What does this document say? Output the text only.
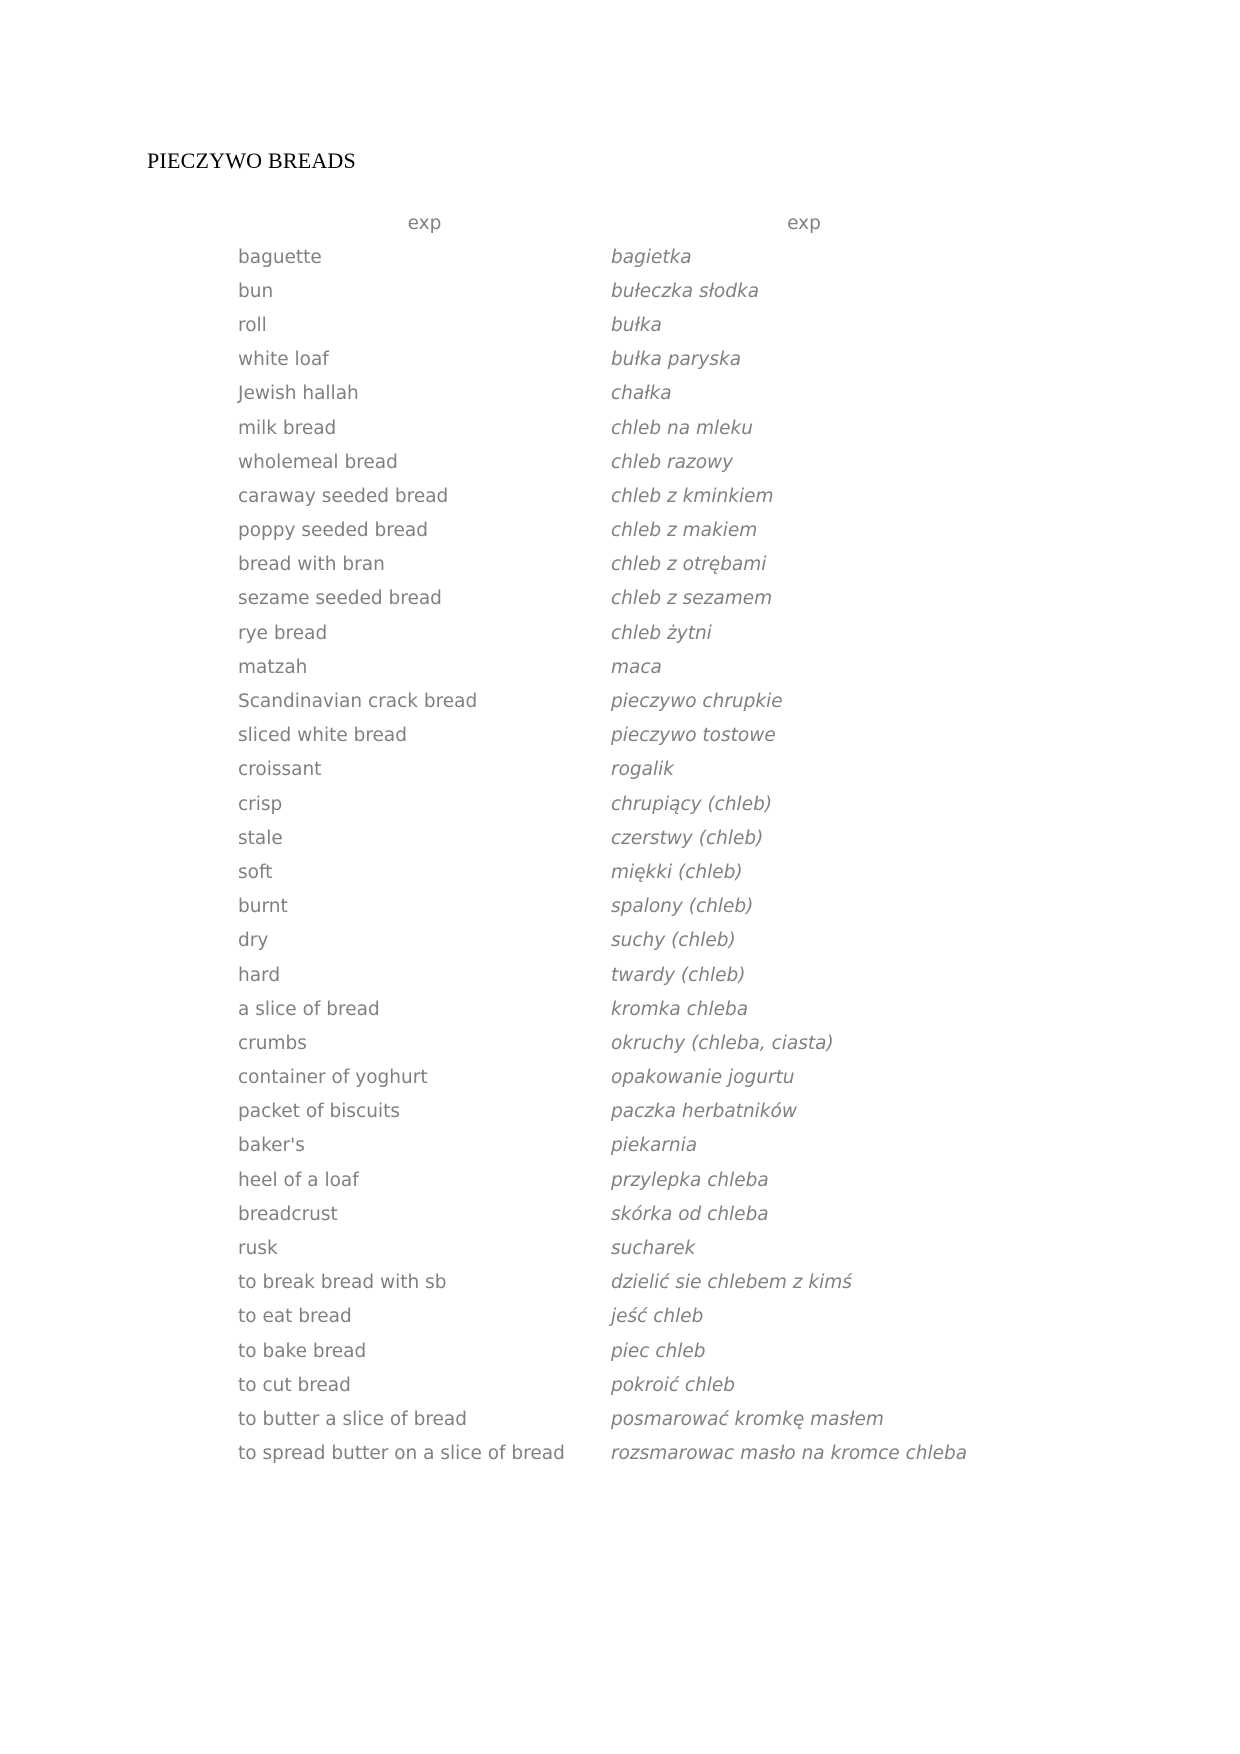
PIECZYWO BREADS
exp	exp
baguette	bagietka
bun	bułeczka słodka
roll	bułka
white loaf	bułka paryska
Jewish hallah	chałka
milk bread	chleb na mleku
wholemeal bread	chleb razowy
caraway seeded bread	chleb z kminkiem
poppy seeded bread	chleb z makiem
bread with bran	chleb z otrębami
sezame seeded bread	chleb z sezamem
rye bread	chleb żytni
matzah	maca
Scandinavian crack bread	pieczywo chrupkie
sliced white bread	pieczywo tostowe
croissant	rogalik
crisp	chrupiący (chleb)
stale	czerstwy (chleb)
soft	miękki (chleb)
burnt	spalony (chleb)
dry	suchy (chleb)
hard	twardy (chleb)
a slice of bread	kromka chleba
crumbs	okruchy (chleba, ciasta)
container of yoghurt	opakowanie jogurtu
packet of biscuits	paczka herbatników
baker's	piekarnia
heel of a loaf	przylepka chleba
breadcrust	skórka od chleba
rusk	sucharek
to break bread with sb	dzielić sie chlebem z kimś
to eat bread	jeść chleb
to bake bread	piec chleb
to cut bread	pokroić chleb
to butter a slice of bread	posmarować kromkę masłem
to spread butter on a slice of bread	rozsmarowac masło na kromce chleba
